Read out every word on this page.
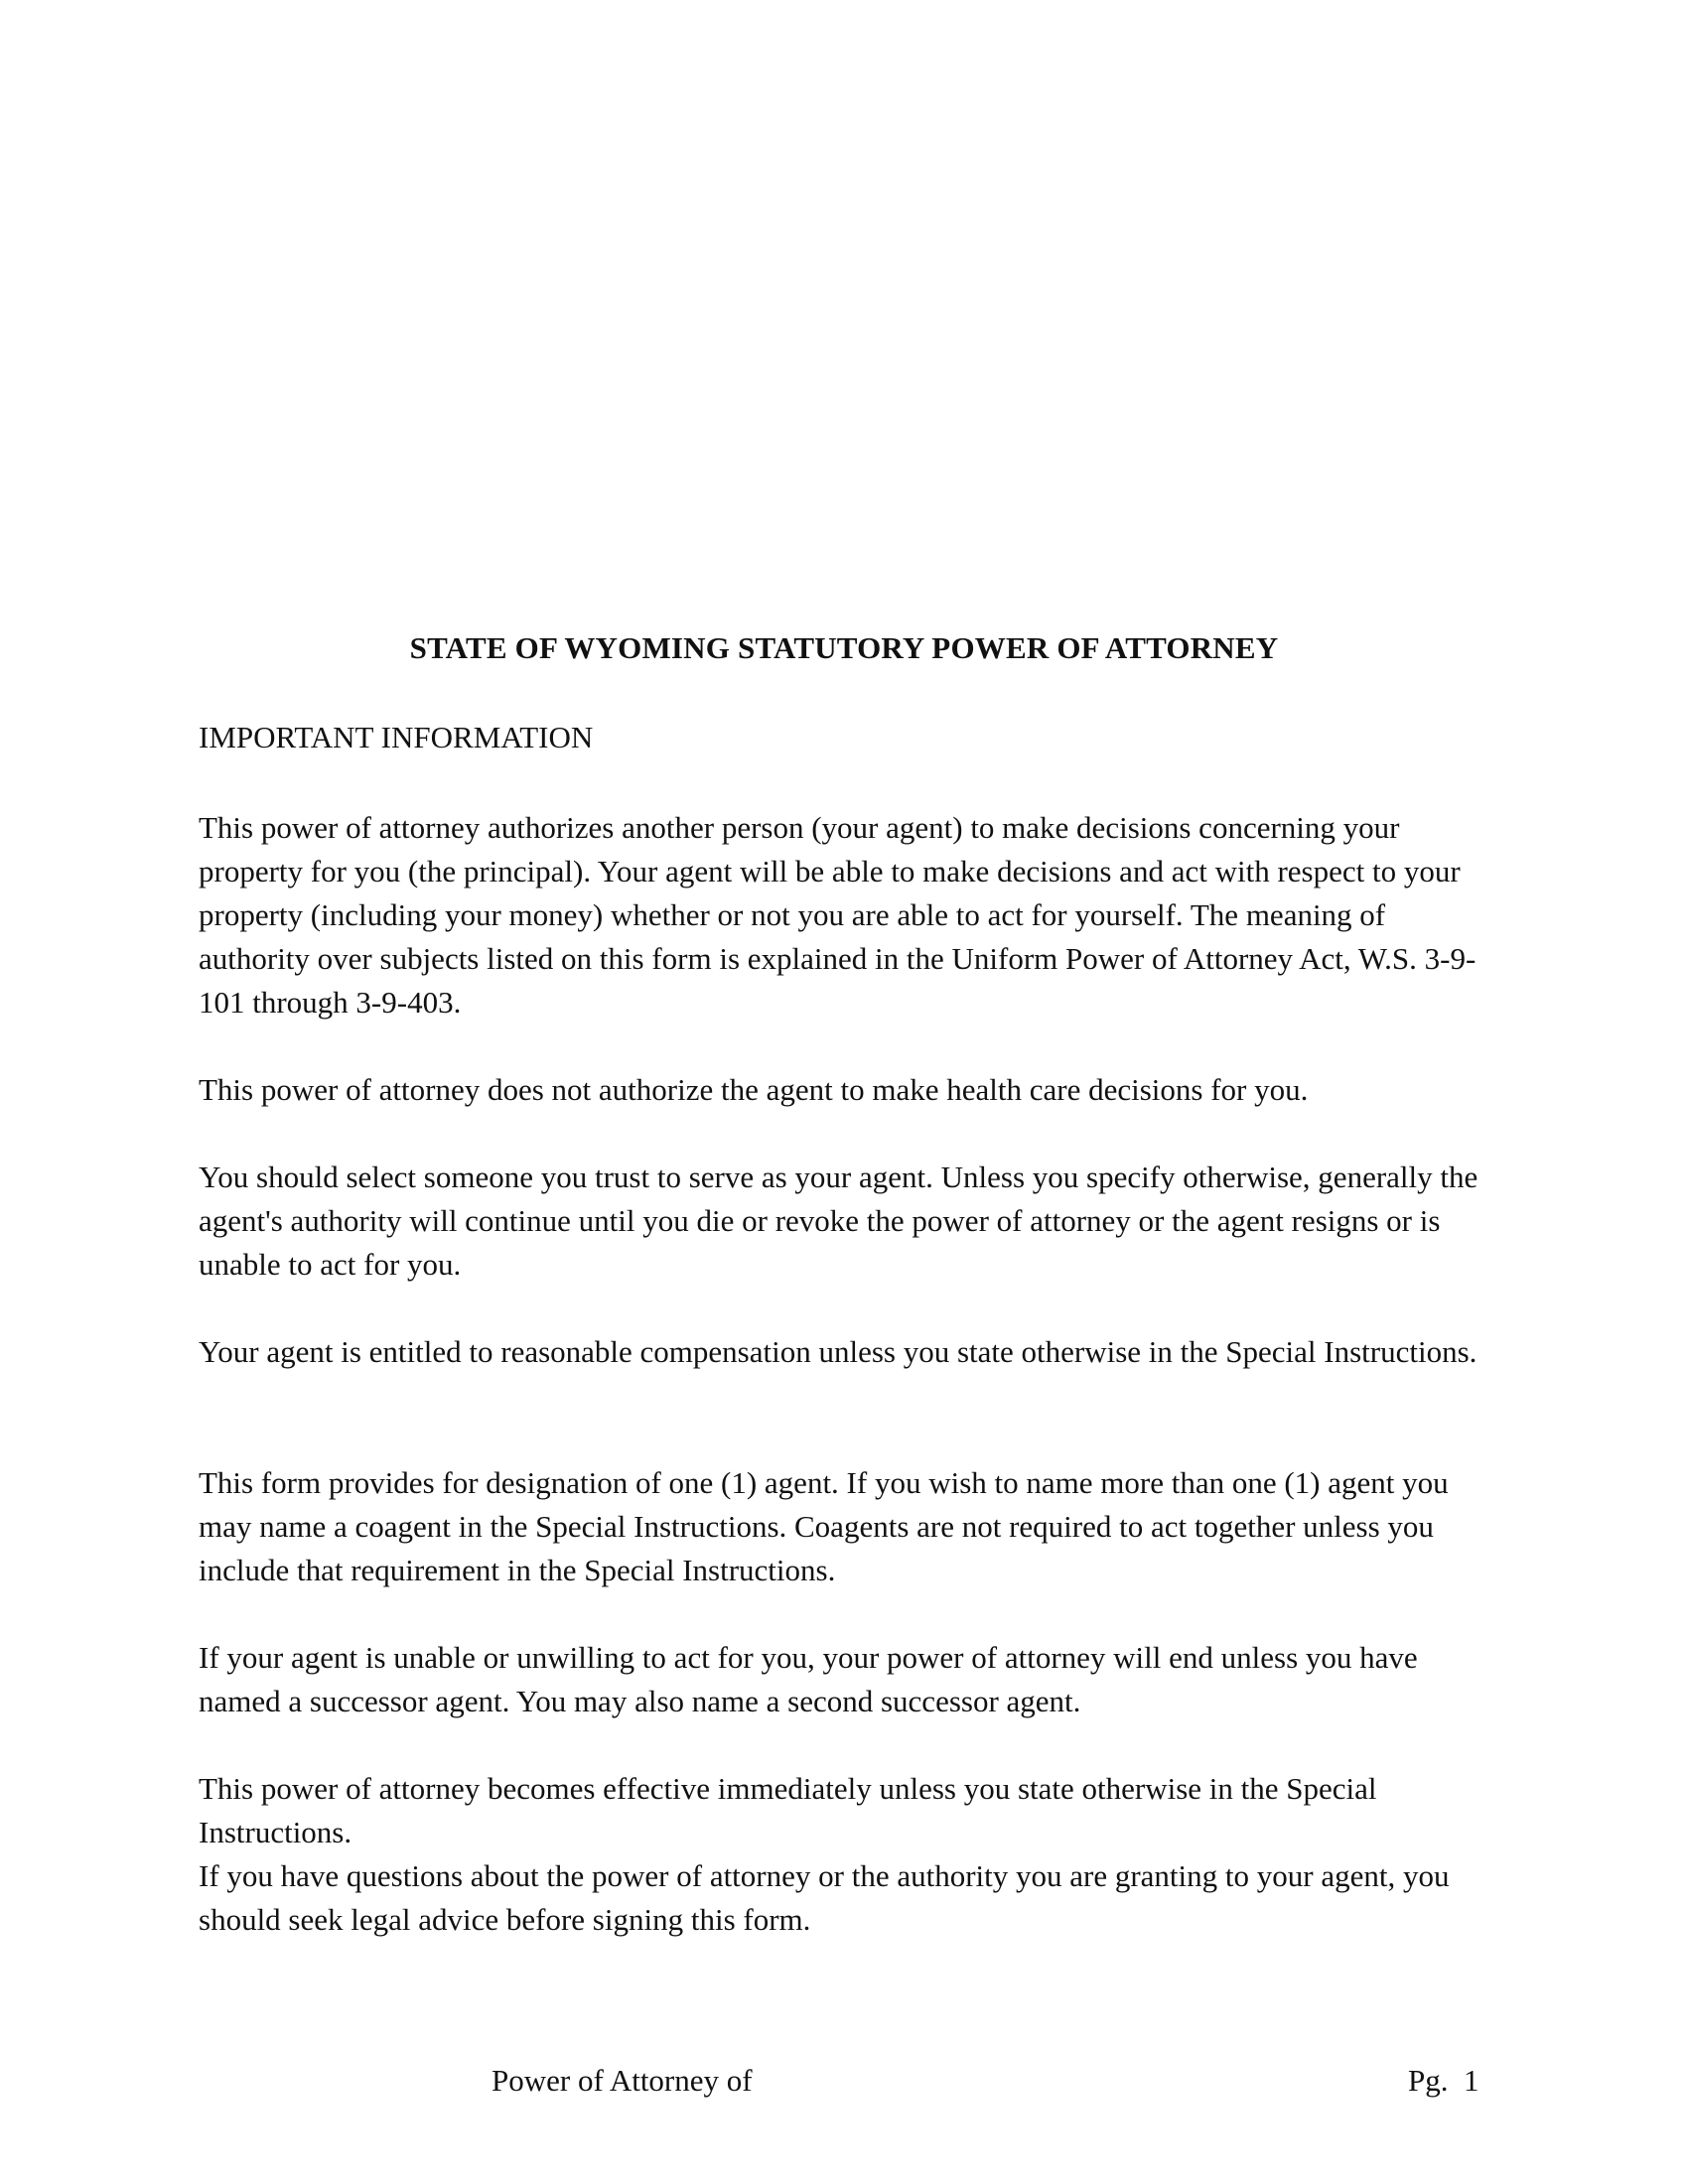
STATE OF WYOMING STATUTORY POWER OF ATTORNEY

IMPORTANT INFORMATION

This power of attorney authorizes another person (your agent) to make decisions concerning your property for you (the principal). Your agent will be able to make decisions and act with respect to your property (including your money) whether or not you are able to act for yourself. The meaning of authority over subjects listed on this form is explained in the Uniform Power of Attorney Act, W.S. 3-9-101 through 3-9-403.

This power of attorney does not authorize the agent to make health care decisions for you.

You should select someone you trust to serve as your agent. Unless you specify otherwise, generally the agent's authority will continue until you die or revoke the power of attorney or the agent resigns or is unable to act for you.

Your agent is entitled to reasonable compensation unless you state otherwise in the Special Instructions.

This form provides for designation of one (1) agent. If you wish to name more than one (1) agent you may name a coagent in the Special Instructions. Coagents are not required to act together unless you include that requirement in the Special Instructions.

If your agent is unable or unwilling to act for you, your power of attorney will end unless you have named a successor agent. You may also name a second successor agent.

This power of attorney becomes effective immediately unless you state otherwise in the Special Instructions.

If you have questions about the power of attorney or the authority you are granting to your agent, you should seek legal advice before signing this form.

Power of Attorney of	Pg.  1
